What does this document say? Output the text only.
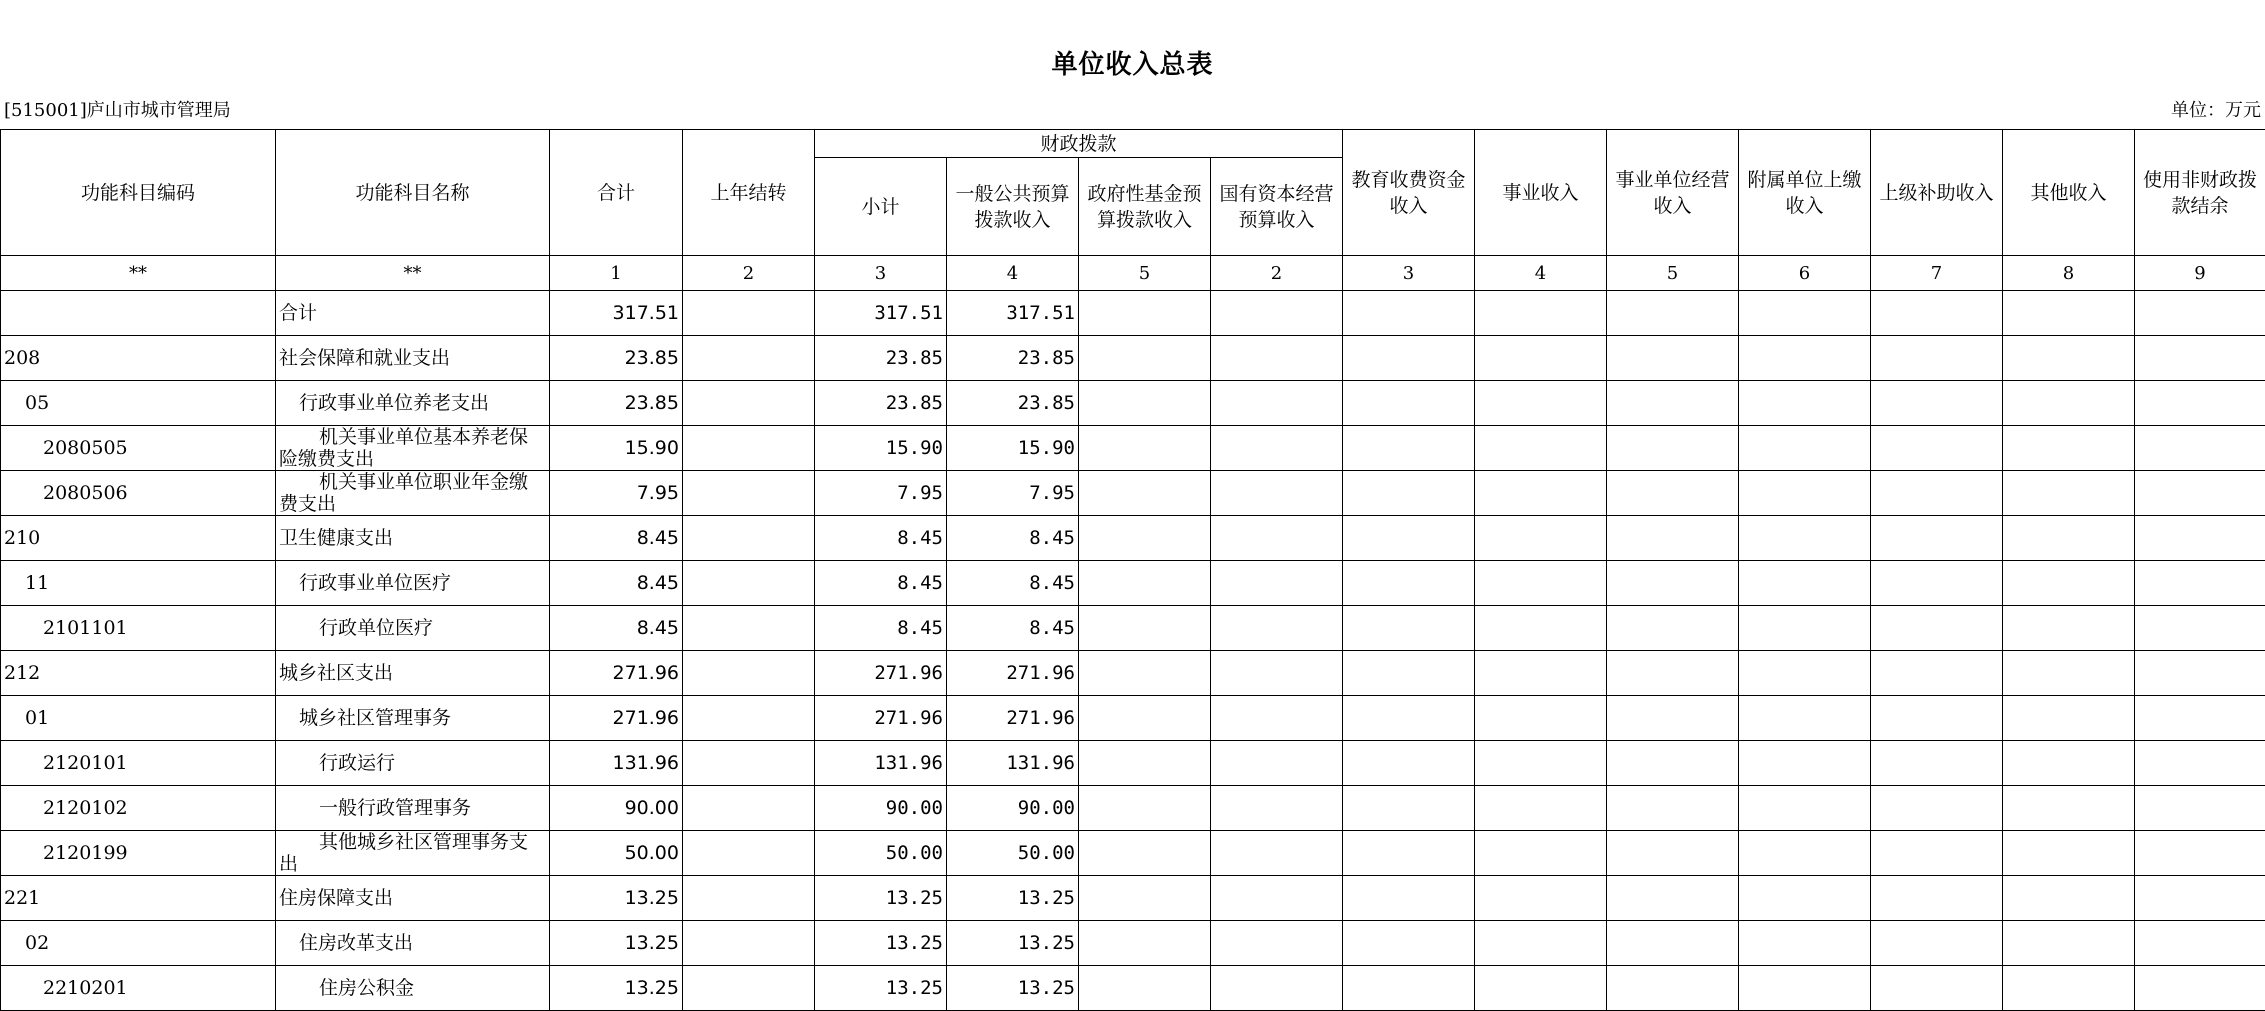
单位收入总表
[515001]庐山市城市管理局	单位：万元
功能科目编码	功能科目名称	合计	上年结转	财政拨款				教育收费资金收入	事业收入	事业单位经营收入	附属单位上缴收入	上级补助收入	其他收入	使用非财政拨款结余
				小计	一般公共预算拨款收入	政府性基金预算拨款收入	国有资本经营预算收入							
**	**	1	2	3	4	5	2	3	4	5	6	7	8	9

	合计	317.51		317.51	317.51									
208	社会保障和就业支出	23.85		23.85	23.85									
05	行政事业单位养老支出	23.85		23.85	23.85									
2080505	机关事业单位基本养老保险缴费支出	15.90		15.90	15.90									
2080506	机关事业单位职业年金缴费支出	7.95		7.95	7.95									
210	卫生健康支出	8.45		8.45	8.45									
11	行政事业单位医疗	8.45		8.45	8.45									
2101101	行政单位医疗	8.45		8.45	8.45									
212	城乡社区支出	271.96		271.96	271.96									
01	城乡社区管理事务	271.96		271.96	271.96									
2120101	行政运行	131.96		131.96	131.96									
2120102	一般行政管理事务	90.00		90.00	90.00									
2120199	其他城乡社区管理事务支出	50.00		50.00	50.00									
221	住房保障支出	13.25		13.25	13.25									
02	住房改革支出	13.25		13.25	13.25									
2210201	住房公积金	13.25		13.25	13.25									
